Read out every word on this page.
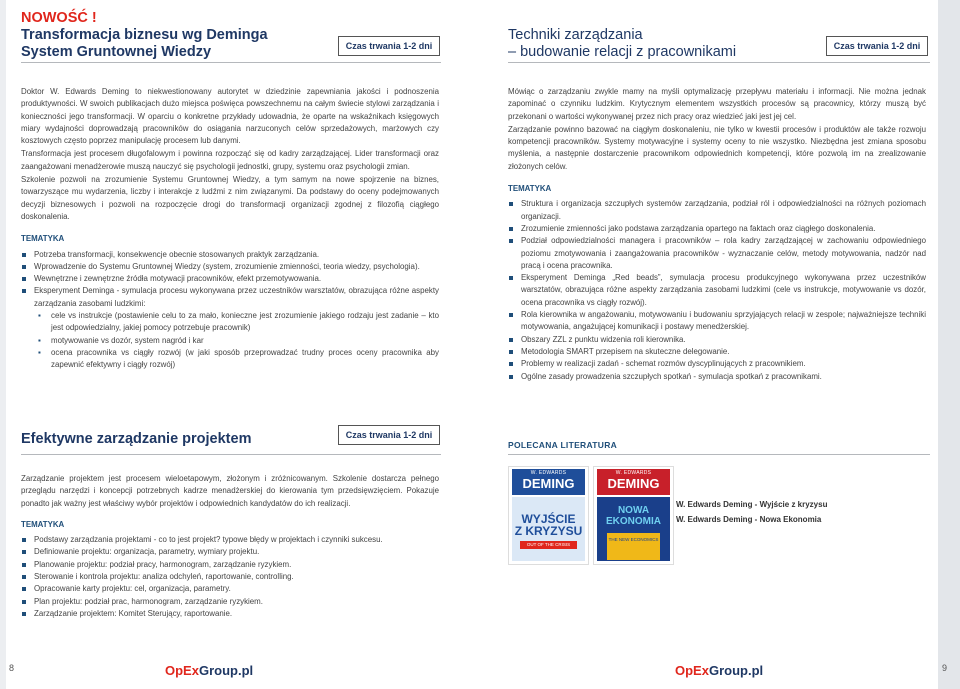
NOWOŚĆ !
Transformacja biznesu wg Deminga
System Gruntownej Wiedzy	Czas trwania 1-2 dni
Techniki zarządzania
– budowanie relacji z pracownikami	Czas trwania 1-2 dni

Doktor W. Edwards Deming to niekwestionowany autorytet w dziedzinie zapewniania jakości i podnoszenia produktywności. W swoich publikacjach dużo miejsca poświęca powszechnemu na całym świecie stylowi zarządzania i konieczności jego transformacji. W oparciu o konkretne przykłady udowadnia, że oparte na wskaźnikach księgowych miary wydajności doprowadzają pracowników do osiągania narzuconych celów sprzedażowych, marżowych czy kosztowych często poprzez manipulację procesem lub danymi.

Transformacja jest procesem długofalowym i powinna rozpocząć się od kadry zarządzającej. Lider transformacji oraz zaangażowani menadżerowie muszą nauczyć się psychologii jednostki, grupy, systemu oraz psychologii zmian.

Szkolenie pozwoli na zrozumienie Systemu Gruntownej Wiedzy, a tym samym na nowe spojrzenie na biznes, towarzyszące mu wydarzenia, liczby i interakcje z ludźmi z nim związanymi. Da podstawy do oceny podejmowanych decyzji biznesowych i pozwoli na rozpoczęcie drogi do transformacji organizacji zgodnej z filozofią ciągłego doskonalenia.

TEMATYKA
Potrzeba transformacji, konsekwencje obecnie stosowanych praktyk zarządzania.
Wprowadzenie do Systemu Gruntownej Wiedzy (system, zrozumienie zmienności, teoria wiedzy, psychologia).
Wewnętrzne i zewnętrzne źródła motywacji pracowników, efekt przemotywowania.
Eksperyment Deminga - symulacja procesu wykonywana przez uczestników warsztatów, obrazująca różne aspekty zarządzania zasobami ludzkimi:
▪ cele vs instrukcje (postawienie celu to za mało, konieczne jest zrozumienie jakiego rodzaju jest zadanie – kto jest odpowiedzialny, jakiej pomocy potrzebuje pracownik)
▪ motywowanie vs dozór, system nagród i kar
▪ ocena pracownika vs ciągły rozwój (w jaki sposób przeprowadzać trudny proces oceny pracownika aby zapewnić efektywny i ciągły rozwój)

Mówiąc o zarządzaniu zwykle mamy na myśli optymalizację przepływu materiału i informacji. Nie można jednak zapominać o czynniku ludzkim. Krytycznym elementem wszystkich procesów są pracownicy, którzy muszą być przekonani o wartości wykonywanej przez nich pracy oraz wiedzieć jaki jest jej cel.

Zarządzanie powinno bazować na ciągłym doskonaleniu, nie tylko w kwestii procesów i produktów ale także rozwoju kompetencji pracowników. Systemy motywacyjne i systemy oceny to nie wszystko. Niezbędna jest zmiana sposobu myślenia, a następnie dostarczenie pracownikom odpowiednich kompetencji, które pozwolą im na zrealizowanie złożonych celów.

TEMATYKA
Struktura i organizacja szczupłych systemów zarządzania, podział ról i odpowiedzialności na różnych poziomach organizacji.
Zrozumienie zmienności jako podstawa zarządzania opartego na faktach oraz ciągłego doskonalenia.
Podział odpowiedzialności managera i pracowników – rola kadry zarządzającej w zachowaniu odpowiedniego poziomu zmotywowania i zaangażowania pracowników - wyznaczanie celów, metody motywowania, nadzór nad pracą i ocena pracownika.
Eksperyment Deminga „Red beads”, symulacja procesu produkcyjnego wykonywana przez uczestników warsztatów, obrazująca różne aspekty zarządzania zasobami ludzkimi (cele vs instrukcje, motywowanie vs dozór, ocena pracownika vs ciągły rozwój).
Rola kierownika w angażowaniu, motywowaniu i budowaniu sprzyjających relacji w zespole; najważniejsze techniki motywowania, angażującej komunikacji i postawy menedżerskiej.
Obszary ZZL z punktu widzenia roli kierownika.
Metodologia SMART przepisem na skuteczne delegowanie.
Problemy w realizacji zadań - schemat rozmów dyscyplinujących z pracownikiem.
Ogólne zasady prowadzenia szczupłych spotkań - symulacja spotkań z pracownikami.
Efektywne zarządzanie projektem	Czas trwania 1-2 dni

Zarządzanie projektem jest procesem wieloetapowym, złożonym i zróżnicowanym. Szkolenie dostarcza pełnego przeglądu narzędzi i koncepcji potrzebnych kadrze menadżerskiej do kierowania tym przedsięwzięciem. Pokazuje ponadto jak ważny jest właściwy wybór projektów i odpowiednich kandydatów do ich realizacji.

TEMATYKA
Podstawy zarządzania projektami - co to jest projekt? typowe błędy w projektach i czynniki sukcesu.
Definiowanie projektu: organizacja, parametry, wymiary projektu.
Planowanie projektu: podział pracy, harmonogram, zarządzanie ryzykiem.
Sterowanie i kontrola projektu: analiza odchyleń, raportowanie, controlling.
Opracowanie karty projektu: cel, organizacja, parametry.
Plan projektu: podział prac, harmonogram, zarządzanie ryzykiem.
Zarządzanie projektem: Komitet Sterujący, raportowanie.
POLECANA LITERATURA
W. EDWARDS
DEMING
WYJŚCIE
Z KRYZYSU
OUT OF THE CRISIS
W. EDWARDS
DEMING
NOWA
EKONOMIA
THE NEW ECONOMICS
W. Edwards Deming - Wyjście z kryzysu
W. Edwards Deming - Nowa Ekonomia
8	OpExGroup.pl	OpExGroup.pl	9
